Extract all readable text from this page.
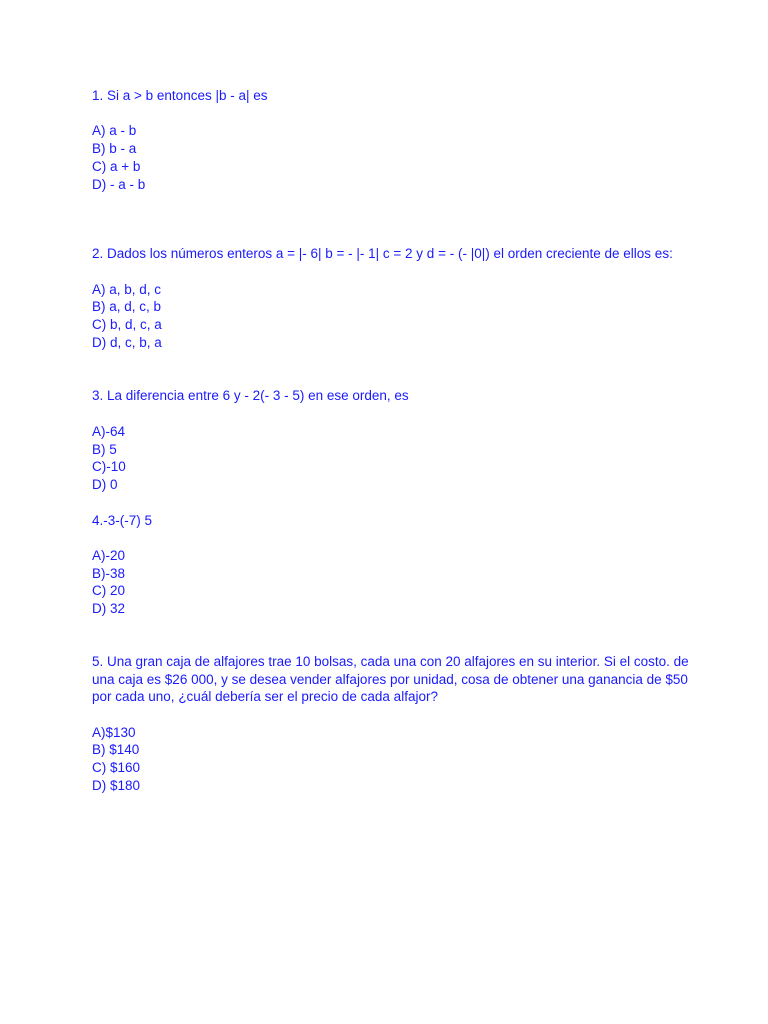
1. Si a > b entonces |b - a| es

A) a - b
B) b - a
C) a + b
D) - a - b

2. Dados los números enteros a = |- 6| b = - |- 1| c = 2 y d = - (- |0|) el orden creciente de ellos es:

A) a, b, d, c
B) a, d, c, b
C) b, d, c, a
D) d, c, b, a

3. La diferencia entre 6 y - 2(- 3 - 5) en ese orden, es

A)-64
B) 5
C)-10
D) 0

4.-3-(-7) 5

A)-20
B)-38
C) 20
D) 32

5. Una gran caja de alfajores trae 10 bolsas, cada una con 20 alfajores en su interior. Si el costo. de una caja es $26 000, y se desea vender alfajores por unidad, cosa de obtener una ganancia de $50 por cada uno, ¿cuál debería ser el precio de cada alfajor?

A)$130
B) $140
C) $160
D) $180
